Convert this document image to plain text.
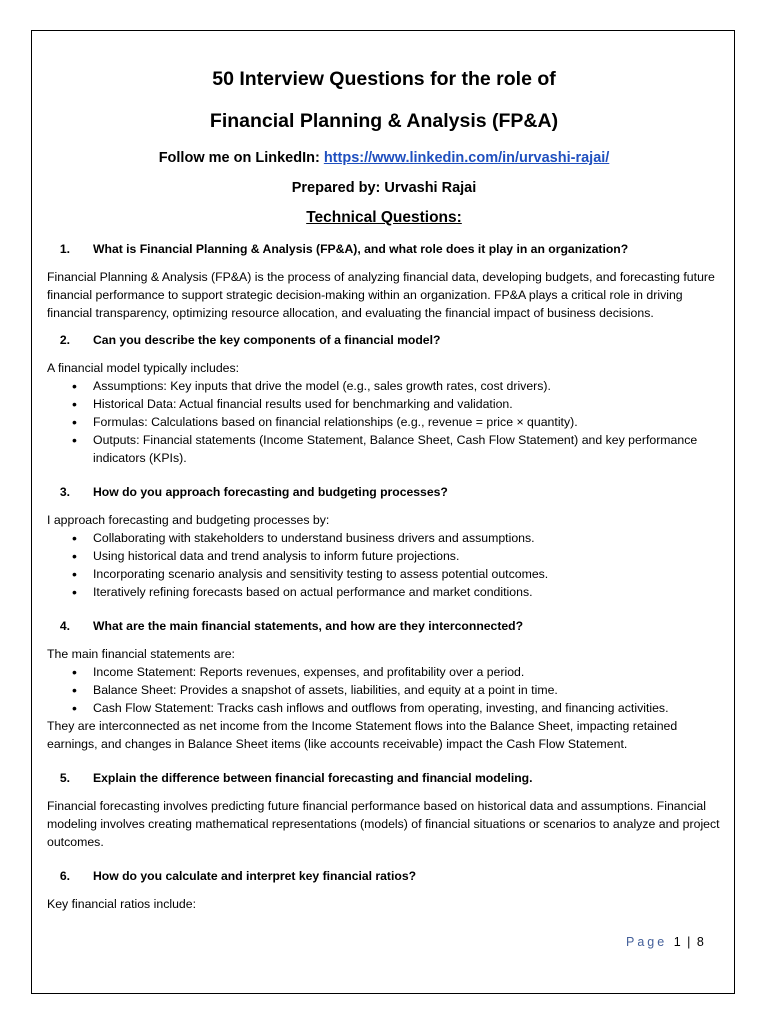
50 Interview Questions for the role of
Financial Planning & Analysis (FP&A)
Follow me on LinkedIn: https://www.linkedin.com/in/urvashi-rajai/
Prepared by: Urvashi Rajai
Technical Questions:
1. What is Financial Planning & Analysis (FP&A), and what role does it play in an organization?

Financial Planning & Analysis (FP&A) is the process of analyzing financial data, developing budgets, and forecasting future financial performance to support strategic decision-making within an organization. FP&A plays a critical role in driving financial transparency, optimizing resource allocation, and evaluating the financial impact of business decisions.

2. Can you describe the key components of a financial model?

A financial model typically includes:

• Assumptions: Key inputs that drive the model (e.g., sales growth rates, cost drivers).
• Historical Data: Actual financial results used for benchmarking and validation.
• Formulas: Calculations based on financial relationships (e.g., revenue = price × quantity).
• Outputs: Financial statements (Income Statement, Balance Sheet, Cash Flow Statement) and key performance indicators (KPIs).
3. How do you approach forecasting and budgeting processes?

I approach forecasting and budgeting processes by:

• Collaborating with stakeholders to understand business drivers and assumptions.
• Using historical data and trend analysis to inform future projections.
• Incorporating scenario analysis and sensitivity testing to assess potential outcomes.
• Iteratively refining forecasts based on actual performance and market conditions.
4. What are the main financial statements, and how are they interconnected?

The main financial statements are:

• Income Statement: Reports revenues, expenses, and profitability over a period.
• Balance Sheet: Provides a snapshot of assets, liabilities, and equity at a point in time.
• Cash Flow Statement: Tracks cash inflows and outflows from operating, investing, and financing activities.

They are interconnected as net income from the Income Statement flows into the Balance Sheet, impacting retained earnings, and changes in Balance Sheet items (like accounts receivable) impact the Cash Flow Statement.

5. Explain the difference between financial forecasting and financial modeling.

Financial forecasting involves predicting future financial performance based on historical data and assumptions. Financial modeling involves creating mathematical representations (models) of financial situations or scenarios to analyze and project outcomes.

6. How do you calculate and interpret key financial ratios?

Key financial ratios include:

Page 1 | 8
